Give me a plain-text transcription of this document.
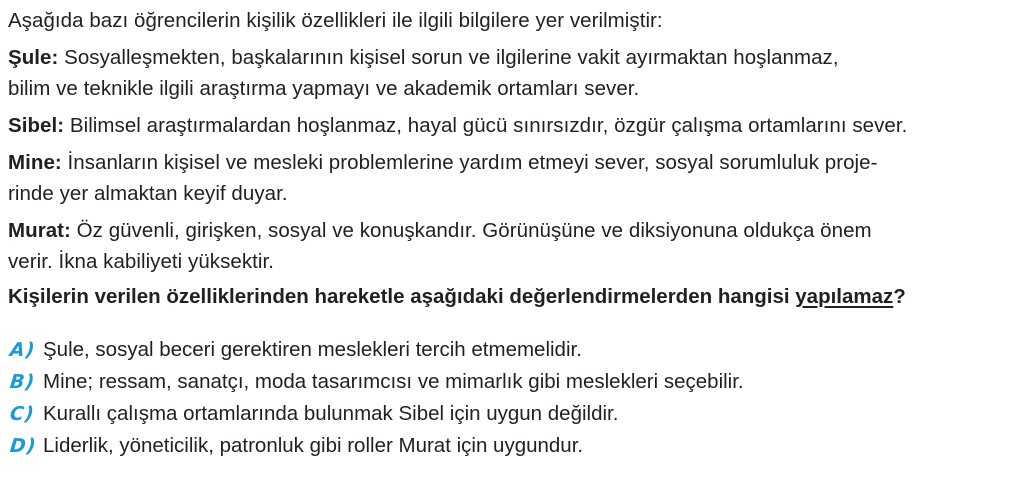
Aşağıda bazı öğrencilerin kişilik özellikleri ile ilgili bilgilere yer verilmiştir:
Şule: Sosyalleşmekten, başkalarının kişisel sorun ve ilgilerine vakit ayırmaktan hoşlanmaz,
bilim ve teknikle ilgili araştırma yapmayı ve akademik ortamları sever.
Sibel: Bilimsel araştırmalardan hoşlanmaz, hayal gücü sınırsızdır, özgür çalışma ortamlarını sever.
Mine: İnsanların kişisel ve mesleki problemlerine yardım etmeyi sever, sosyal sorumluluk proje-
rinde yer almaktan keyif duyar.
Murat: Öz güvenli, girişken, sosyal ve konuşkandır. Görünüşüne ve diksiyonuna oldukça önem
verir. İkna kabiliyeti yüksektir.
Kişilerin verilen özelliklerinden hareketle aşağıdaki değerlendirmelerden hangisi yapılamaz?
A) Şule, sosyal beceri gerektiren meslekleri tercih etmemelidir.
B) Mine; ressam, sanatçı, moda tasarımcısı ve mimarlık gibi meslekleri seçebilir.
C) Kurallı çalışma ortamlarında bulunmak Sibel için uygun değildir.
D) Liderlik, yöneticilik, patronluk gibi roller Murat için uygundur.
